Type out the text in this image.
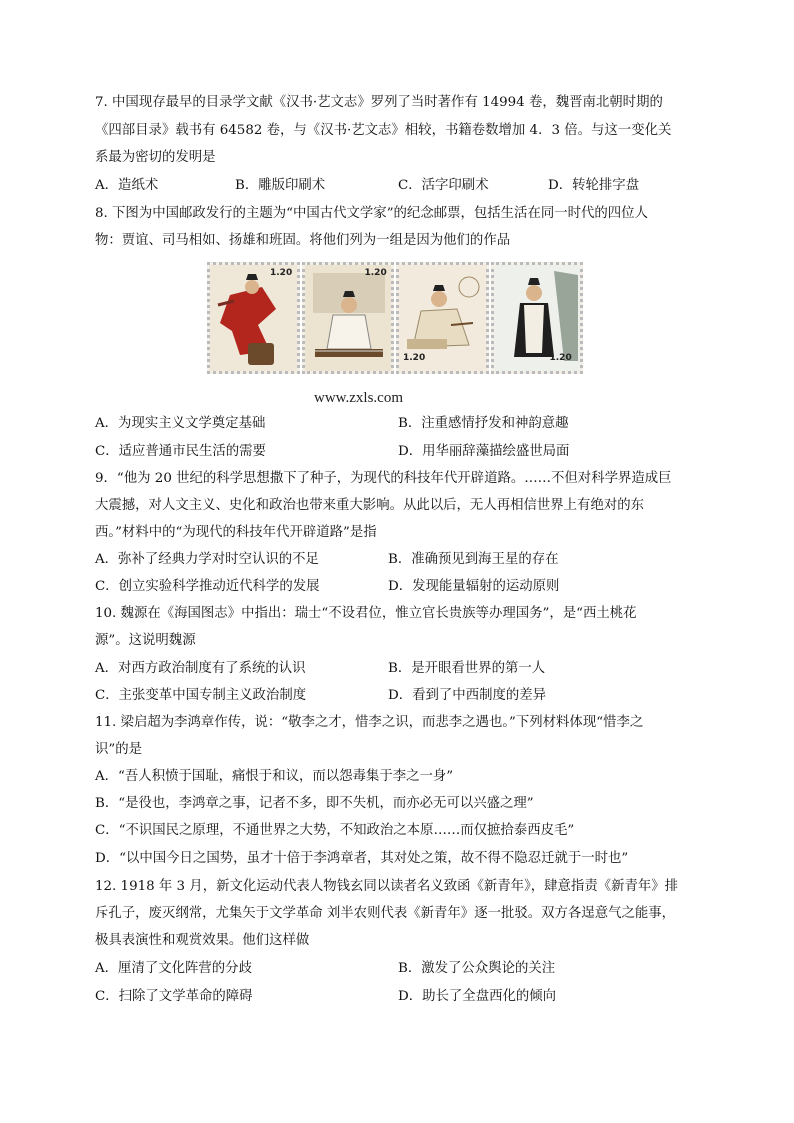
7. 中国现存最早的目录学文献《汉书·艺文志》罗列了当时著作有 14994 卷，魏晋南北朝时期的
《四部目录》载书有 64582 卷，与《汉书·艺文志》相较，书籍卷数增加 4．3 倍。与这一变化关
系最为密切的发明是
A．造纸术	B．雕版印刷术	C．活字印刷术	D．转轮排字盘
8. 下图为中国邮政发行的主题为“中国古代文学家”的纪念邮票，包括生活在同一时代的四位人
物：贾谊、司马相如、扬雄和班固。将他们列为一组是因为他们的作品
1.20	1.20
1.20	1.20
www.zxls.com
A．为现实主义文学奠定基础	B．注重感情抒发和神韵意趣
C．适应普通市民生活的需要	D．用华丽辞藻描绘盛世局面
9．“他为 20 世纪的科学思想撒下了种子，为现代的科技年代开辟道路。……不但对科学界造成巨
大震撼，对人文主义、史化和政治也带来重大影响。从此以后，无人再相信世界上有绝对的东
西。”材料中的“为现代的科技年代开辟道路”是指
A．弥补了经典力学对时空认识的不足	B．准确预见到海王星的存在
C．创立实验科学推动近代科学的发展	D．发现能量辐射的运动原则
10. 魏源在《海国图志》中指出：瑞士“不设君位，惟立官长贵族等办理国务”，是“西土桃花
源”。这说明魏源
A．对西方政治制度有了系统的认识	B．是开眼看世界的第一人
C．主张变革中国专制主义政治制度	D．看到了中西制度的差异
11. 梁启超为李鸿章作传，说：“敬李之才，惜李之识，而悲李之遇也。”下列材料体现“惜李之
识”的是
A．“吾人积愤于国耻，痛恨于和议，而以怨毒集于李之一身”
B．“是役也，李鸿章之事，记者不多，即不失机，而亦必无可以兴盛之理”
C．“不识国民之原理，不通世界之大势，不知政治之本原……而仅摭拾泰西皮毛”
D．“以中国今日之国势，虽才十倍于李鸿章者，其对处之策，故不得不隐忍迁就于一时也”
12. 1918 年 3 月，新文化运动代表人物钱玄同以读者名义致函《新青年》，肆意指责《新青年》排
斥孔子，废灭纲常，尤集矢于文学革命 刘半农则代表《新青年》逐一批驳。双方各逞意气之能事，
极具表演性和观赏效果。他们这样做
A．厘清了文化阵营的分歧	B．激发了公众舆论的关注
C．扫除了文学革命的障碍	D．助长了全盘西化的倾向
